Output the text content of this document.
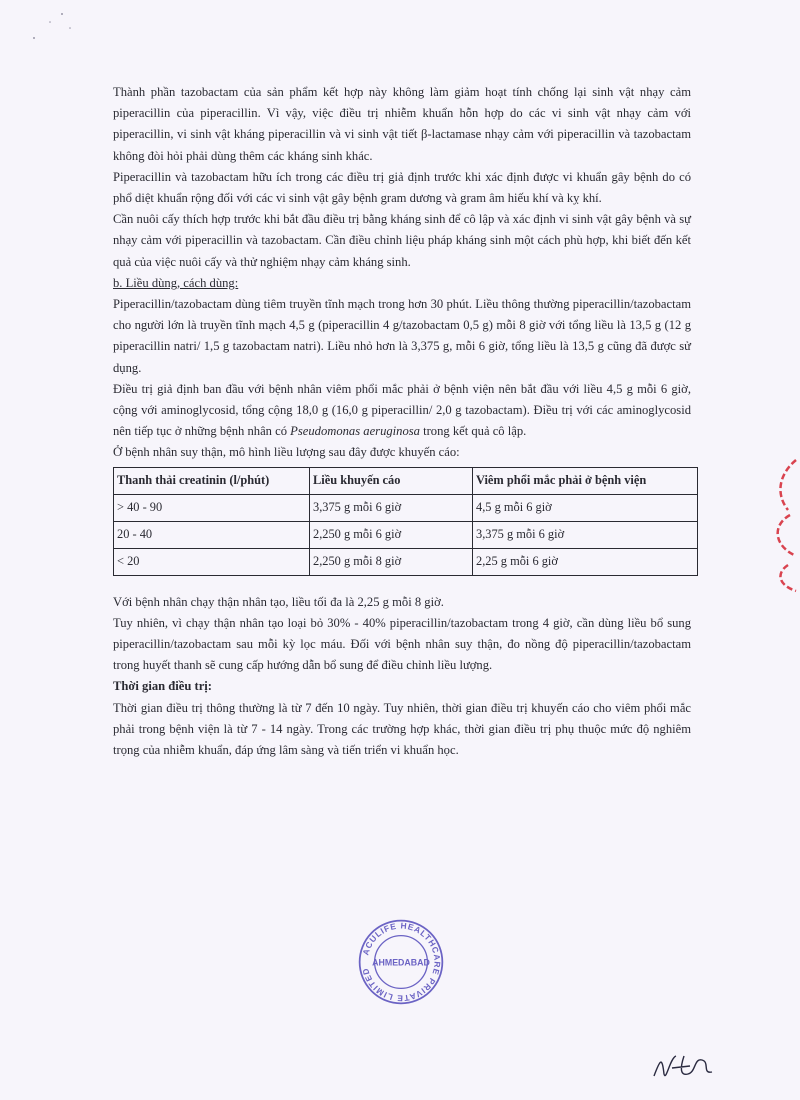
Thành phần tazobactam của sản phẩm kết hợp này không làm giảm hoạt tính chống lại sinh vật nhạy cảm piperacillin của piperacillin. Vì vậy, việc điều trị nhiễm khuẩn hỗn hợp do các vi sinh vật nhạy cảm với piperacillin, vi sinh vật kháng piperacillin và vi sinh vật tiết β-lactamase nhạy cảm với piperacillin và tazobactam không đòi hỏi phải dùng thêm các kháng sinh khác.

Piperacillin và tazobactam hữu ích trong các điều trị giả định trước khi xác định được vi khuẩn gây bệnh do có phổ diệt khuẩn rộng đối với các vi sinh vật gây bệnh gram dương và gram âm hiếu khí và kỵ khí.

Cần nuôi cấy thích hợp trước khi bắt đầu điều trị bằng kháng sinh để cô lập và xác định vi sinh vật gây bệnh và sự nhạy cảm với piperacillin và tazobactam. Cần điều chỉnh liệu pháp kháng sinh một cách phù hợp, khi biết đến kết quả của việc nuôi cấy và thử nghiệm nhạy cảm kháng sinh.

b. Liều dùng, cách dùng:

Piperacillin/tazobactam dùng tiêm truyền tĩnh mạch trong hơn 30 phút. Liều thông thường piperacillin/tazobactam cho người lớn là truyền tĩnh mạch 4,5 g (piperacillin 4 g/tazobactam 0,5 g) mỗi 8 giờ với tổng liều là 13,5 g (12 g piperacillin natri/ 1,5 g tazobactam natri). Liều nhỏ hơn là 3,375 g, mỗi 6 giờ, tổng liều là 13,5 g cũng đã được sử dụng.

Điều trị giả định ban đầu với bệnh nhân viêm phổi mắc phải ở bệnh viện nên bắt đầu với liều 4,5 g mỗi 6 giờ, cộng với aminoglycosid, tổng cộng 18,0 g (16,0 g piperacillin/ 2,0 g tazobactam). Điều trị với các aminoglycosid nên tiếp tục ở những bệnh nhân có Pseudomonas aeruginosa trong kết quả cô lập.

Ở bệnh nhân suy thận, mô hình liều lượng sau đây được khuyến cáo:

Thanh thải creatinin (l/phút)	Liều khuyến cáo	Viêm phổi mắc phải ở bệnh viện
> 40 - 90	3,375 g mỗi 6 giờ	4,5 g mỗi 6 giờ
20 - 40	2,250 g mỗi 6 giờ	3,375 g mỗi 6 giờ
< 20	2,250 g mỗi 8 giờ	2,25 g mỗi 6 giờ

Với bệnh nhân chạy thận nhân tạo, liều tối đa là 2,25 g mỗi 8 giờ.

Tuy nhiên, vì chạy thận nhân tạo loại bỏ 30% - 40% piperacillin/tazobactam trong 4 giờ, cần dùng liều bổ sung piperacillin/tazobactam sau mỗi kỳ lọc máu. Đối với bệnh nhân suy thận, đo nồng độ piperacillin/tazobactam trong huyết thanh sẽ cung cấp hướng dẫn bổ sung để điều chỉnh liều lượng.

Thời gian điều trị:

Thời gian điều trị thông thường là từ 7 đến 10 ngày. Tuy nhiên, thời gian điều trị khuyến cáo cho viêm phổi mắc phải trong bệnh viện là từ 7 - 14 ngày. Trong các trường hợp khác, thời gian điều trị phụ thuộc mức độ nghiêm trọng của nhiễm khuẩn, đáp ứng lâm sàng và tiến triển vi khuẩn học.

ACULIFE HEALTHCARE PRIVATE LIMITED
AHMEDABAD
